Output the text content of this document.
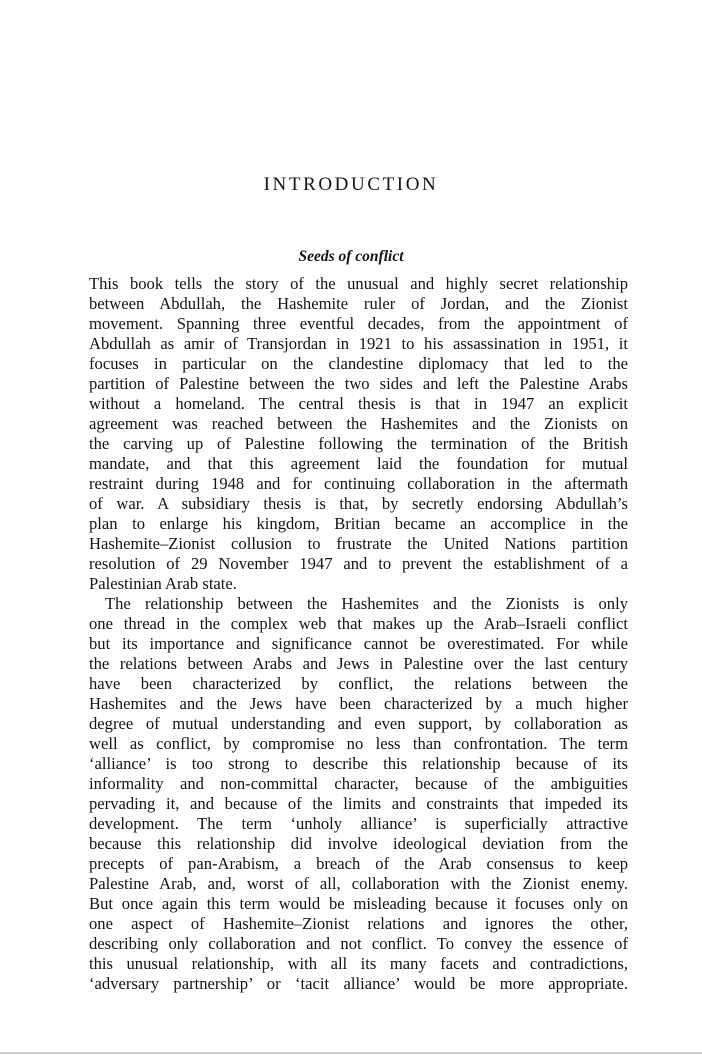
INTRODUCTION
Seeds of conflict
This book tells the story of the unusual and highly secret relationship
between Abdullah, the Hashemite ruler of Jordan, and the Zionist
movement. Spanning three eventful decades, from the appointment of
Abdullah as amir of Transjordan in 1921 to his assassination in 1951, it
focuses in particular on the clandestine diplomacy that led to the
partition of Palestine between the two sides and left the Palestine Arabs
without a homeland. The central thesis is that in 1947 an explicit
agreement was reached between the Hashemites and the Zionists on
the carving up of Palestine following the termination of the British
mandate, and that this agreement laid the foundation for mutual
restraint during 1948 and for continuing collaboration in the aftermath
of war. A subsidiary thesis is that, by secretly endorsing Abdullah’s
plan to enlarge his kingdom, Britian became an accomplice in the
Hashemite–Zionist collusion to frustrate the United Nations partition
resolution of 29 November 1947 and to prevent the establishment of a
Palestinian Arab state.
The relationship between the Hashemites and the Zionists is only
one thread in the complex web that makes up the Arab–Israeli conflict
but its importance and significance cannot be overestimated. For while
the relations between Arabs and Jews in Palestine over the last century
have been characterized by conflict, the relations between the
Hashemites and the Jews have been characterized by a much higher
degree of mutual understanding and even support, by collaboration as
well as conflict, by compromise no less than confrontation. The term
‘alliance’ is too strong to describe this relationship because of its
informality and non-committal character, because of the ambiguities
pervading it, and because of the limits and constraints that impeded its
development. The term ‘unholy alliance’ is superficially attractive
because this relationship did involve ideological deviation from the
precepts of pan-Arabism, a breach of the Arab consensus to keep
Palestine Arab, and, worst of all, collaboration with the Zionist enemy.
But once again this term would be misleading because it focuses only on
one aspect of Hashemite–Zionist relations and ignores the other,
describing only collaboration and not conflict. To convey the essence of
this unusual relationship, with all its many facets and contradictions,
‘adversary partnership’ or ‘tacit alliance’ would be more appropriate.
